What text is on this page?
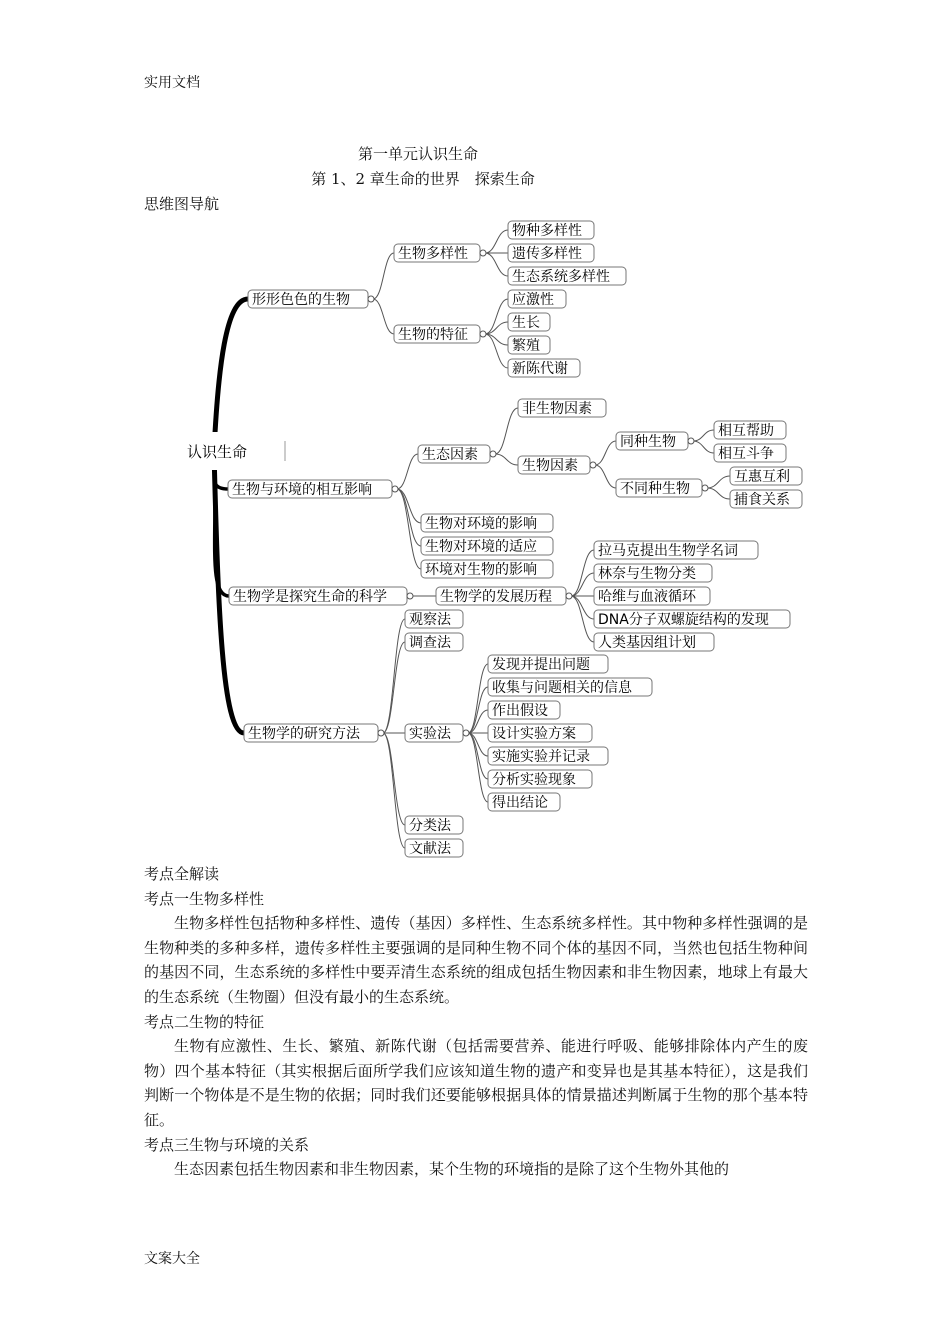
实用文档
第一单元认识生命
第 1、2 章生命的世界　探索生命
思维图导航
认识生命
形形色色的生物
生物多样性
物种多样性
遗传多样性
生态系统多样性
生物的特征
应激性
生长
繁殖
新陈代谢
生物与环境的相互影响
生态因素
非生物因素
生物因素
同种生物
相互帮助
相互斗争
不同种生物
互惠互利
捕食关系
生物对环境的影响
生物对环境的适应
环境对生物的影响
生物学是探究生命的科学	生物学的发展历程
拉马克提出生物学名词
林奈与生物分类
哈维与血液循环
DNA分子双螺旋结构的发现
人类基因组计划
生物学的研究方法
观察法
调查法
实验法
发现并提出问题
收集与问题相关的信息
作出假设
设计实验方案
实施实验并记录
分析实验现象
得出结论
分类法
文献法

考点全解读

考点一生物多样性

生物多样性包括物种多样性、遗传（基因）多样性、生态系统多样性。其中物种多样性强调的是生物种类的多种多样，遗传多样性主要强调的是同种生物不同个体的基因不同，当然也包括生物种间的基因不同，生态系统的多样性中要弄清生态系统的组成包括生物因素和非生物因素，地球上有最大的生态系统（生物圈）但没有最小的生态系统。

考点二生物的特征

生物有应激性、生长、繁殖、新陈代谢（包括需要营养、能进行呼吸、能够排除体内产生的废物）四个基本特征（其实根据后面所学我们应该知道生物的遗产和变异也是其基本特征），这是我们判断一个物体是不是生物的依据；同时我们还要能够根据具体的情景描述判断属于生物的那个基本特征。

考点三生物与环境的关系

生态因素包括生物因素和非生物因素，某个生物的环境指的是除了这个生物外其他的

文案大全
